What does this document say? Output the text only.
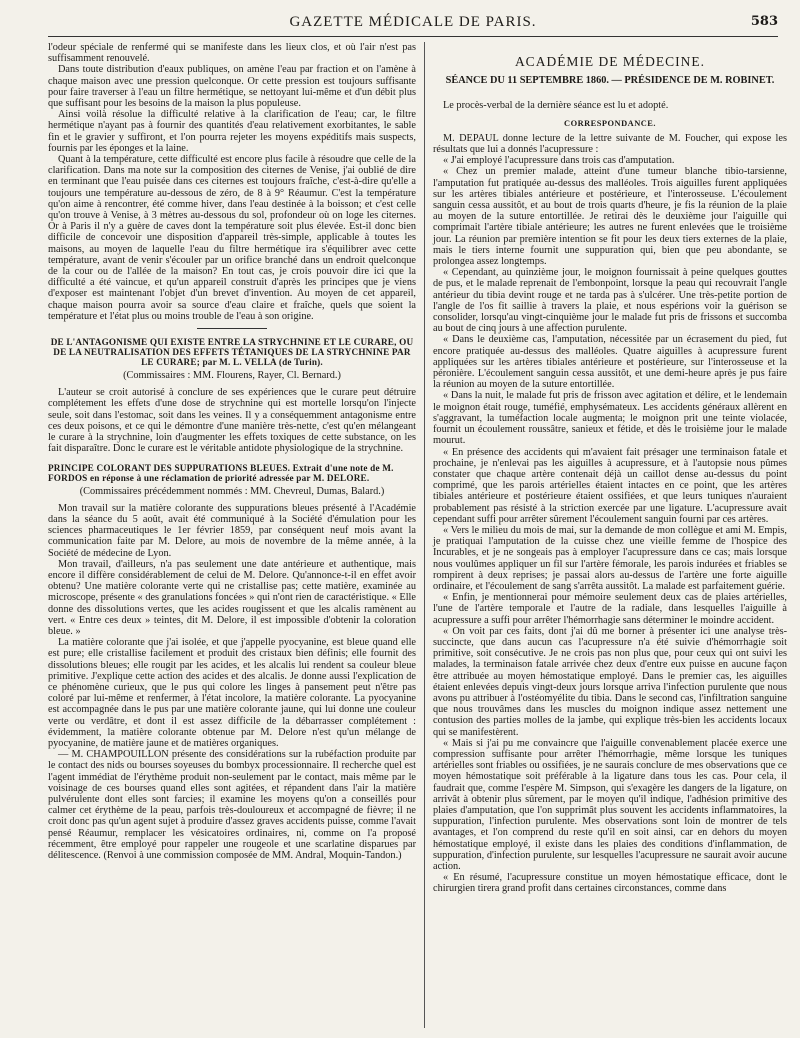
GAZETTE MÉDICALE DE PARIS.	583

l'odeur spéciale de renfermé qui se manifeste dans les lieux clos, et où l'air n'est pas suffisamment renouvelé.

Dans toute distribution d'eaux publiques, on amène l'eau par fraction et on l'amène à chaque maison avec une pression quelconque. Or cette pression est toujours suffisante pour faire traverser à l'eau un filtre hermétique, se nettoyant lui-même et d'un débit plus que suffisant pour les besoins de la maison la plus populeuse.

Ainsi voilà résolue la difficulté relative à la clarification de l'eau; car, le filtre hermétique n'ayant pas à fournir des quantités d'eau relativement exorbitantes, le sable fin et le gravier y suffiront, et l'on pourra rejeter les moyens expéditifs mais suspects, fournis par les éponges et la laine.

Quant à la température, cette difficulté est encore plus facile à résoudre que celle de la clarification. Dans ma note sur la composition des citernes de Venise, j'ai oublié de dire en terminant que l'eau puisée dans ces citernes est toujours fraîche, c'est-à-dire qu'elle a toujours une température au-dessous de zéro, de 8 à 9° Réaumur. C'est la température qu'on aime à rencontrer, été comme hiver, dans l'eau destinée à la boisson; et c'est celle qu'on trouve à Venise, à 3 mètres au-dessous du sol, profondeur où on loge les citernes. Or à Paris il n'y a guère de caves dont la température soit plus élevée. Est-il donc bien difficile de concevoir une disposition d'appareil très-simple, applicable à toutes les maisons, au moyen de laquelle l'eau du filtre hermétique ira s'équilibrer avec cette température, avant de venir s'écouler par un orifice branché dans un endroit quelconque de la cour ou de l'allée de la maison? En tout cas, je crois pouvoir dire ici que la difficulté a été vaincue, et qu'un appareil construit d'après les principes que je viens d'exposer est maintenant l'objet d'un brevet d'invention. Au moyen de cet appareil, chaque maison pourra avoir sa source d'eau claire et fraîche, quels que soient la température et l'état plus ou moins trouble de l'eau à son origine.

DE L'ANTAGONISME QUI EXISTE ENTRE LA STRYCHNINE ET LE CURARE, OU DE LA NEUTRALISATION DES EFFETS TÉTANIQUES DE LA STRYCHNINE PAR LE CURARE; par M. L. VELLA (de Turin).
(Commissaires : MM. Flourens, Rayer, Cl. Bernard.)

L'auteur se croit autorisé à conclure de ses expériences que le curare peut détruire complétement les effets d'une dose de strychnine qui est mortelle lorsqu'on l'injecte seule, soit dans l'estomac, soit dans les veines. Il y a conséquemment antagonisme entre ces deux poisons, et ce qui le démontre d'une manière très-nette, c'est qu'en mélangeant le curare à la strychnine, loin d'augmenter les effets toxiques de cette substance, on les fait disparaître. Donc le curare est le véritable antidote physiologique de la strychnine.

PRINCIPE COLORANT DES SUPPURATIONS BLEUES. Extrait d'une note de M. FORDOS en réponse à une réclamation de priorité adressée par M. DELORE.
(Commissaires précédemment nommés : MM. Chevreul, Dumas, Balard.)

Mon travail sur la matière colorante des suppurations bleues présenté à l'Académie dans la séance du 5 août, avait été communiqué à la Société d'émulation pour les sciences pharmaceutiques le 1er février 1859, par conséquent neuf mois avant la communication faite par M. Delore, au mois de novembre de la même année, à la Société de médecine de Lyon.

Mon travail, d'ailleurs, n'a pas seulement une date antérieure et authentique, mais encore il diffère considérablement de celui de M. Delore. Qu'annonce-t-il en effet avoir obtenu? Une matière colorante verte qui ne cristallise pas; cette matière, examinée au microscope, présente « des granulations foncées » qui n'ont rien de caractéristique. « Elle donne des dissolutions vertes, que les acides rougissent et que les alcalis ramènent au vert. « Entre ces deux » teintes, dit M. Delore, il est impossible d'obtenir la coloration bleue. »

La matière colorante que j'ai isolée, et que j'appelle pyocyanine, est bleue quand elle est pure; elle cristallise facilement et produit des cristaux bien définis; elle fournit des dissolutions bleues; elle rougit par les acides, et les alcalis lui rendent sa couleur bleue primitive. J'explique cette action des acides et des alcalis. Je donne aussi l'explication de ce phénomène curieux, que le pus qui colore les linges à pansement peut n'être pas coloré par lui-même et renfermer, à l'état incolore, la matière colorante. La pyocyanine est accompagnée dans le pus par une matière colorante jaune, qui lui donne une couleur verte ou verdâtre, et dont il est assez difficile de la débarrasser complétement : évidemment, la matière colorante obtenue par M. Delore n'est qu'un mélange de pyocyanine, de matière jaune et de matières organiques.

— M. CHAMPOUILLON présente des considérations sur la rubéfaction produite par le contact des nids ou bourses soyeuses du bombyx processionnaire. Il recherche quel est l'agent immédiat de l'érythème produit non-seulement par le contact, mais même par le voisinage de ces bourses quand elles sont agitées, et répandent dans l'air la matière pulvérulente dont elles sont farcies; il examine les moyens qu'on a conseillés pour calmer cet érythème de la peau, parfois très-douloureux et accompagné de fièvre; il ne croit donc pas qu'un agent sujet à produire d'assez graves accidents puisse, comme l'avait pensé Réaumur, remplacer les vésicatoires ordinaires, ni, comme on l'a proposé récemment, être employé pour rappeler une rougeole et une scarlatine disparues par délitescence. (Renvoi à une commission composée de MM. Andral, Moquin-Tandon.)

ACADÉMIE DE MÉDECINE.
SÉANCE DU 11 SEPTEMBRE 1860. — PRÉSIDENCE DE M. ROBINET.

Le procès-verbal de la dernière séance est lu et adopté.

CORRESPONDANCE.

M. DEPAUL donne lecture de la lettre suivante de M. Foucher, qui expose les résultats que lui a donnés l'acupressure :

« J'ai employé l'acupressure dans trois cas d'amputation.

« Chez un premier malade, atteint d'une tumeur blanche tibio-tarsienne, l'amputation fut pratiquée au-dessus des malléoles. Trois aiguilles furent appliquées sur les artères tibiales antérieure et postérieure, et l'interosseuse. L'écoulement sanguin cessa aussitôt, et au bout de trois quarts d'heure, je fis la réunion de la plaie au moyen de la suture entortillée. Je retirai dès le deuxième jour l'aiguille qui comprimait l'artère tibiale antérieure; les autres ne furent enlevées que le troisième jour. La réunion par première intention se fit pour les deux tiers externes de la plaie, mais le tiers interne fournit une suppuration qui, bien que peu abondante, se prolongea assez longtemps.

« Cependant, au quinzième jour, le moignon fournissait à peine quelques gouttes de pus, et le malade reprenait de l'embonpoint, lorsque la peau qui recouvrait l'angle antérieur du tibia devint rouge et ne tarda pas à s'ulcérer. Une très-petite portion de l'angle de l'os fit saillie à travers la plaie, et nous espérions voir la guérison se consolider, lorsqu'au vingt-cinquième jour le malade fut pris de frissons et succomba au bout de cinq jours à une affection purulente.

« Dans le deuxième cas, l'amputation, nécessitée par un écrasement du pied, fut encore pratiquée au-dessus des malléoles. Quatre aiguilles à acupressure furent appliquées sur les artères tibiales antérieure et postérieure, sur l'interosseuse et la péronière. L'écoulement sanguin cessa aussitôt, et une demi-heure après je pus faire la réunion au moyen de la suture entortillée.

« Dans la nuit, le malade fut pris de frisson avec agitation et délire, et le lendemain le moignon était rouge, tuméfié, emphysémateux. Les accidents généraux allèrent en s'aggravant, la tuméfaction locale augmenta; le moignon prit une teinte violacée, fournit un écoulement roussâtre, sanieux et fétide, et dès le troisième jour le malade mourut.

« En présence des accidents qui m'avaient fait présager une terminaison fatale et prochaine, je n'enlevai pas les aiguilles à acupressure, et à l'autopsie nous pûmes constater que chaque artère contenait déjà un caillot dense au-dessus du point comprimé, que les parois artérielles étaient intactes en ce point, que les artères tibiales antérieure et postérieure étaient ossifiées, et que leurs tuniques n'auraient probablement pas résisté à la striction exercée par une ligature. L'acupressure avait cependant suffi pour arrêter sûrement l'écoulement sanguin fourni par ces artères.

« Vers le milieu du mois de mai, sur la demande de mon collègue et ami M. Empis, je pratiquai l'amputation de la cuisse chez une vieille femme de l'hospice des Incurables, et je ne songeais pas à employer l'acupressure dans ce cas; mais lorsque nous voulûmes appliquer un fil sur l'artère fémorale, les parois indurées et friables se rompirent à deux reprises; je passai alors au-dessus de l'artère une forte aiguille ordinaire, et l'écoulement de sang s'arrêta aussitôt. La malade est parfaitement guérie.

« Enfin, je mentionnerai pour mémoire seulement deux cas de plaies artérielles, l'une de l'artère temporale et l'autre de la radiale, dans lesquelles l'aiguille à acupressure a suffi pour arrêter l'hémorrhagie sans déterminer le moindre accident.

« On voit par ces faits, dont j'ai dû me borner à présenter ici une analyse très-succincte, que dans aucun cas l'acupressure n'a été suivie d'hémorrhagie soit primitive, soit consécutive. Je ne crois pas non plus que, pour ceux qui ont suivi les malades, la terminaison fatale arrivée chez deux d'entre eux puisse en aucune façon être attribuée au moyen hémostatique employé. Dans le premier cas, les aiguilles étaient enlevées depuis vingt-deux jours lorsque arriva l'infection purulente que nous avons pu attribuer à l'ostéomyélite du tibia. Dans le second cas, l'infiltration sanguine que nous trouvâmes dans les muscles du moignon indique assez nettement une contusion des parties molles de la jambe, qui explique très-bien les accidents locaux qui se manifestèrent.

« Mais si j'ai pu me convaincre que l'aiguille convenablement placée exerce une compression suffisante pour arrêter l'hémorrhagie, même lorsque les tuniques artérielles sont friables ou ossifiées, je ne saurais conclure de mes observations que ce moyen hémostatique soit préférable à la ligature dans tous les cas. Pour cela, il faudrait que, comme l'espère M. Simpson, qui s'exagère les dangers de la ligature, on arrivât à obtenir plus sûrement, par le moyen qu'il indique, l'adhésion primitive des plaies d'amputation, que l'on supprimât plus souvent les accidents inflammatoires, la suppuration, l'infection purulente. Mes observations sont loin de montrer de tels avantages, et l'on comprend du reste qu'il en soit ainsi, car en dehors du moyen hémostatique employé, il existe dans les plaies des conditions d'inflammation, de suppuration, d'infection purulente, sur lesquelles l'acupressure ne saurait avoir aucune action.

« En résumé, l'acupressure constitue un moyen hémostatique efficace, dont le chirurgien tirera grand profit dans certaines circonstances, comme dans
